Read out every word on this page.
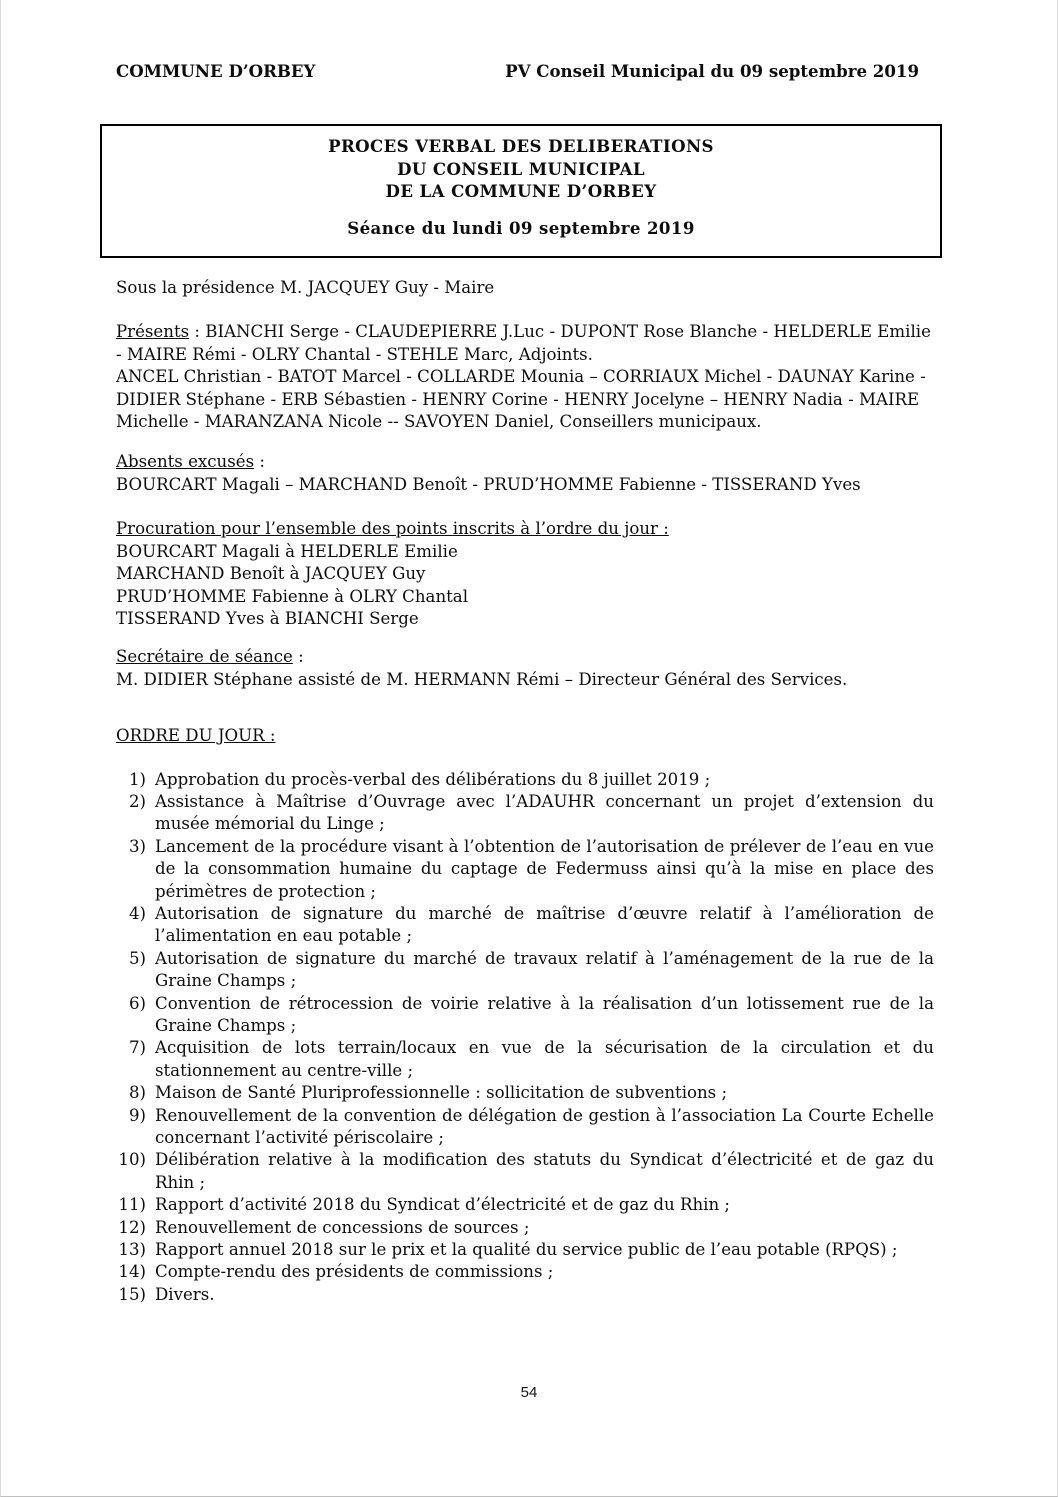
COMMUNE D’ORBEY	PV Conseil Municipal du 09 septembre 2019
PROCES VERBAL DES DELIBERATIONS
DU CONSEIL MUNICIPAL
DE LA COMMUNE D’ORBEY
Séance du lundi 09 septembre 2019

Sous la présidence M. JACQUEY Guy - Maire

Présents : BIANCHI Serge - CLAUDEPIERRE J.Luc - DUPONT Rose Blanche - HELDERLE Emilie - MAIRE Rémi - OLRY Chantal - STEHLE Marc, Adjoints.
ANCEL Christian - BATOT Marcel - COLLARDE Mounia – CORRIAUX Michel - DAUNAY Karine - DIDIER Stéphane - ERB Sébastien - HENRY Corine - HENRY Jocelyne – HENRY Nadia - MAIRE Michelle - MARANZANA Nicole -- SAVOYEN Daniel, Conseillers municipaux.

Absents excusés :
BOURCART Magali – MARCHAND Benoît - PRUD’HOMME Fabienne - TISSERAND Yves

Procuration pour l’ensemble des points inscrits à l’ordre du jour :
BOURCART Magali à HELDERLE Emilie
MARCHAND Benoît à JACQUEY Guy
PRUD’HOMME Fabienne à OLRY Chantal
TISSERAND Yves à BIANCHI Serge

Secrétaire de séance :
M. DIDIER Stéphane assisté de M. HERMANN Rémi – Directeur Général des Services.

ORDRE DU JOUR :

1) Approbation du procès-verbal des délibérations du 8 juillet 2019 ;
2) Assistance à Maîtrise d’Ouvrage avec l’ADAUHR concernant un projet d’extension du musée mémorial du Linge ;
3) Lancement de la procédure visant à l’obtention de l’autorisation de prélever de l’eau en vue de la consommation humaine du captage de Federmuss ainsi qu’à la mise en place des périmètres de protection ;
4) Autorisation de signature du marché de maîtrise d’œuvre relatif à l’amélioration de l’alimentation en eau potable ;
5) Autorisation de signature du marché de travaux relatif à l’aménagement de la rue de la Graine Champs ;
6) Convention de rétrocession de voirie relative à la réalisation d’un lotissement rue de la Graine Champs ;
7) Acquisition de lots terrain/locaux en vue de la sécurisation de la circulation et du stationnement au centre-ville ;
8) Maison de Santé Pluriprofessionnelle : sollicitation de subventions ;
9) Renouvellement de la convention de délégation de gestion à l’association La Courte Echelle concernant l’activité périscolaire ;
10) Délibération relative à la modification des statuts du Syndicat d’électricité et de gaz du Rhin ;
11) Rapport d’activité 2018 du Syndicat d’électricité et de gaz du Rhin ;
12) Renouvellement de concessions de sources ;
13) Rapport annuel 2018 sur le prix et la qualité du service public de l’eau potable (RPQS) ;
14) Compte-rendu des présidents de commissions ;
15) Divers.
54
